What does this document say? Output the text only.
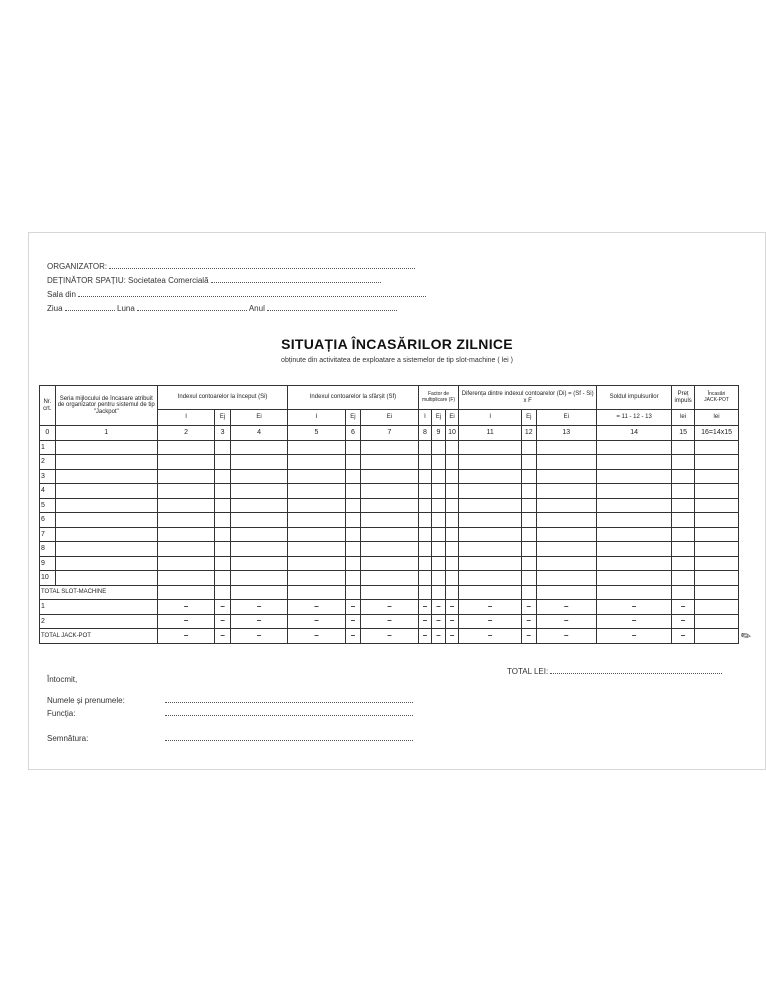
ORGANIZATOR:
DEȚINĂTOR SPAȚIU: Societatea Comercială
Sala din
Ziua	Luna	Anul
SITUAȚIA ÎNCASĂRILOR ZILNICE
obținute din activitatea de exploatare a sistemelor de tip slot-machine ( lei )
Nr. crt.	Seria mijlocului de încasare atribuit de organizator pentru sistemul de tip "Jackpot"	Indexul contoarelor la început (Si)			Indexul contoarelor la sfârșit (Sf)			Factor de multiplicare (F)			Diferența dintre indexul contoarelor (Di) = (Sf - Si) x F			Soldul impulsurilor	Preț impuls	Încasări
JACK-POT
		I	Ej	Ei	I	Ej	Ei	I	Ej	Ei	I	Ej	Ei	= 11 - 12 - 13	lei	lei
0	1	2	3	4	5	6	7	8	9	10	11	12	13	14	15	16=14x15
1																
2																
3																
4																
5																
6																
7																
8																
9																
10																
TOTAL SLOT-MACHINE																
1		–	–	–	–	–	–	–	–	–	–	–	–	–	–	
2		–	–	–	–	–	–	–	–	–	–	–	–	–	–	
TOTAL JACK-POT		–	–	–	–	–	–	–	–	–	–	–	–	–	–		✎
Întocmit,
TOTAL LEI:
Numele și prenumele:
Funcția:
Semnătura:
